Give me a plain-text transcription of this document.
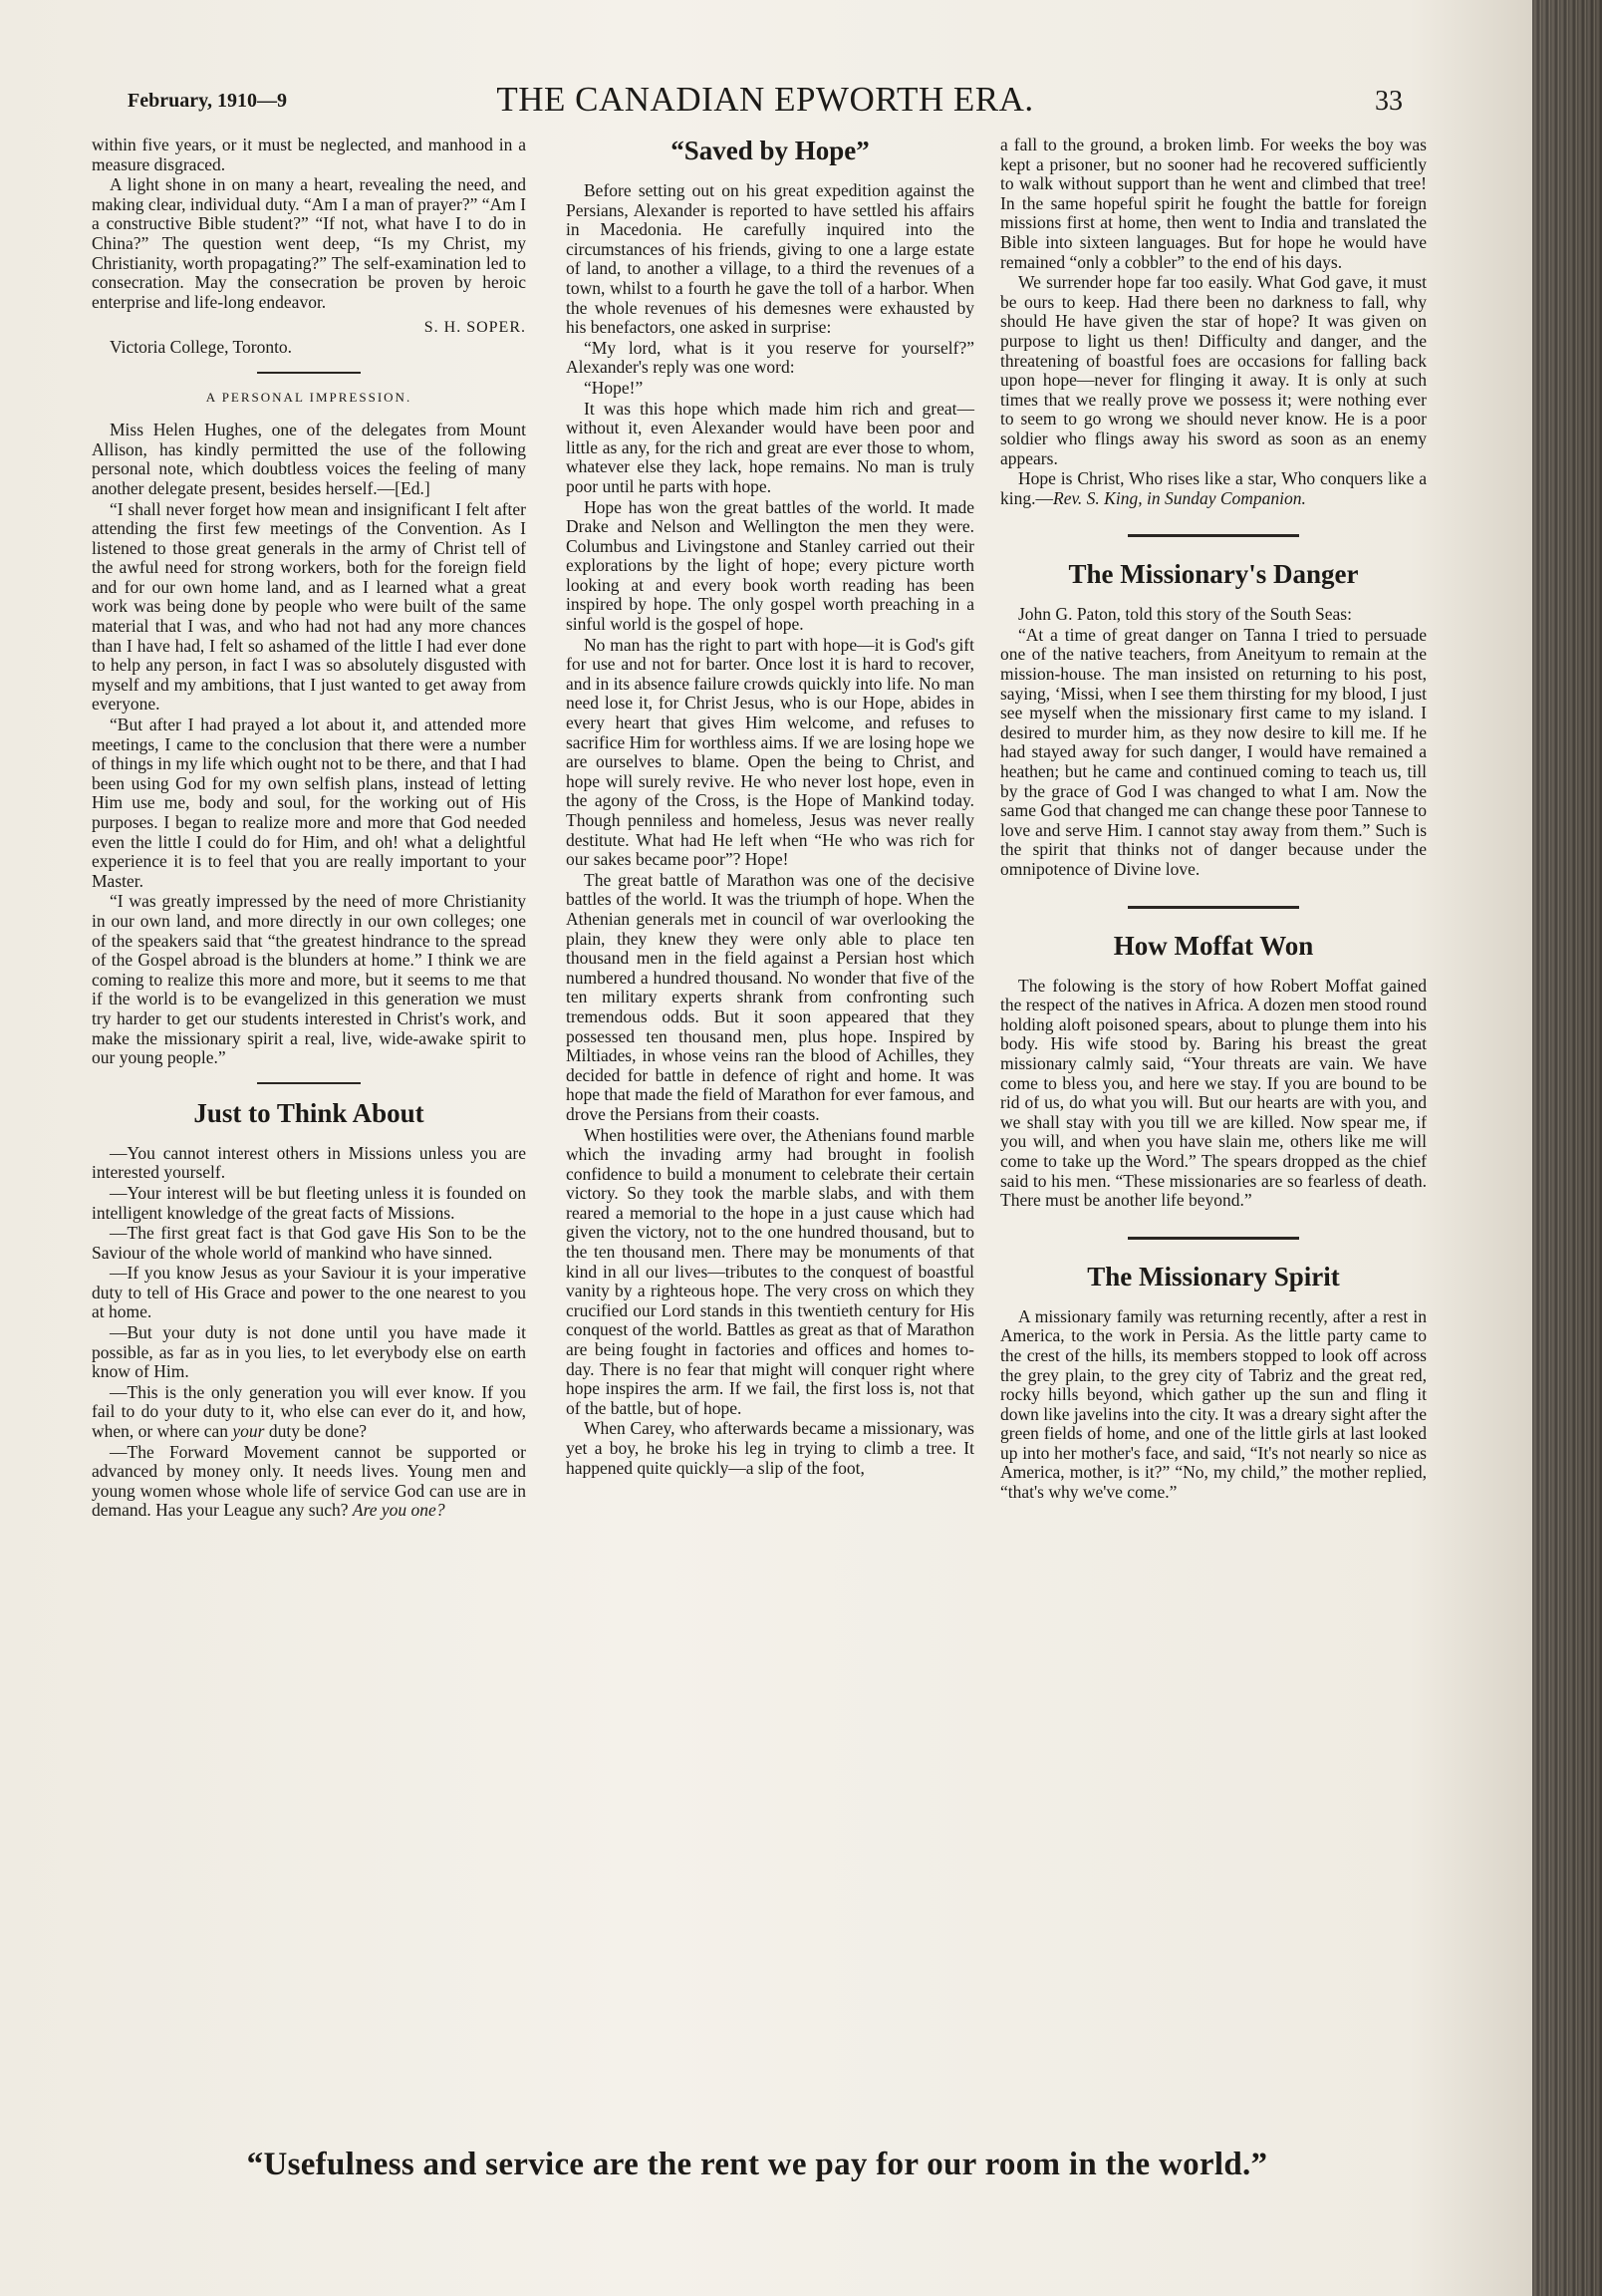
February, 1910—9	THE CANADIAN EPWORTH ERA.	33

within five years, or it must be neglected, and manhood in a measure disgraced.

A light shone in on many a heart, revealing the need, and making clear, individual duty. “Am I a man of prayer?” “Am I a constructive Bible student?” “If not, what have I to do in China?” The question went deep, “Is my Christ, my Christianity, worth propagating?” The self-examination led to consecration. May the consecration be proven by heroic enterprise and life-long endeavor.

S. H. SOPER.

Victoria College, Toronto.

A PERSONAL IMPRESSION.

Miss Helen Hughes, one of the delegates from Mount Allison, has kindly permitted the use of the following personal note, which doubtless voices the feeling of many another delegate present, besides herself.—[Ed.]

“I shall never forget how mean and insignificant I felt after attending the first few meetings of the Convention. As I listened to those great generals in the army of Christ tell of the awful need for strong workers, both for the foreign field and for our own home land, and as I learned what a great work was being done by people who were built of the same material that I was, and who had not had any more chances than I have had, I felt so ashamed of the little I had ever done to help any person, in fact I was so absolutely disgusted with myself and my ambitions, that I just wanted to get away from everyone.

“But after I had prayed a lot about it, and attended more meetings, I came to the conclusion that there were a number of things in my life which ought not to be there, and that I had been using God for my own selfish plans, instead of letting Him use me, body and soul, for the working out of His purposes. I began to realize more and more that God needed even the little I could do for Him, and oh! what a delightful experience it is to feel that you are really important to your Master.

“I was greatly impressed by the need of more Christianity in our own land, and more directly in our own colleges; one of the speakers said that “the greatest hindrance to the spread of the Gospel abroad is the blunders at home.” I think we are coming to realize this more and more, but it seems to me that if the world is to be evangelized in this generation we must try harder to get our students interested in Christ's work, and make the missionary spirit a real, live, wide-awake spirit to our young people.”

Just to Think About

—You cannot interest others in Missions unless you are interested yourself.

—Your interest will be but fleeting unless it is founded on intelligent knowledge of the great facts of Missions.

—The first great fact is that God gave His Son to be the Saviour of the whole world of mankind who have sinned.

—If you know Jesus as your Saviour it is your imperative duty to tell of His Grace and power to the one nearest to you at home.

—But your duty is not done until you have made it possible, as far as in you lies, to let everybody else on earth know of Him.

—This is the only generation you will ever know. If you fail to do your duty to it, who else can ever do it, and how, when, or where can your duty be done?

—The Forward Movement cannot be supported or advanced by money only. It needs lives. Young men and young women whose whole life of service God can use are in demand. Has your League any such? Are you one?

“Saved by Hope”

Before setting out on his great expedition against the Persians, Alexander is reported to have settled his affairs in Macedonia. He carefully inquired into the circumstances of his friends, giving to one a large estate of land, to another a village, to a third the revenues of a town, whilst to a fourth he gave the toll of a harbor. When the whole revenues of his demesnes were exhausted by his benefactors, one asked in surprise:

“My lord, what is it you reserve for yourself?” Alexander's reply was one word:

“Hope!”

It was this hope which made him rich and great—without it, even Alexander would have been poor and little as any, for the rich and great are ever those to whom, whatever else they lack, hope remains. No man is truly poor until he parts with hope.

Hope has won the great battles of the world. It made Drake and Nelson and Wellington the men they were. Columbus and Livingstone and Stanley carried out their explorations by the light of hope; every picture worth looking at and every book worth reading has been inspired by hope. The only gospel worth preaching in a sinful world is the gospel of hope.

No man has the right to part with hope—it is God's gift for use and not for barter. Once lost it is hard to recover, and in its absence failure crowds quickly into life. No man need lose it, for Christ Jesus, who is our Hope, abides in every heart that gives Him welcome, and refuses to sacrifice Him for worthless aims. If we are losing hope we are ourselves to blame. Open the being to Christ, and hope will surely revive. He who never lost hope, even in the agony of the Cross, is the Hope of Mankind today. Though penniless and homeless, Jesus was never really destitute. What had He left when “He who was rich for our sakes became poor”? Hope!

The great battle of Marathon was one of the decisive battles of the world. It was the triumph of hope. When the Athenian generals met in council of war overlooking the plain, they knew they were only able to place ten thousand men in the field against a Persian host which numbered a hundred thousand. No wonder that five of the ten military experts shrank from confronting such tremendous odds. But it soon appeared that they possessed ten thousand men, plus hope. Inspired by Miltiades, in whose veins ran the blood of Achilles, they decided for battle in defence of right and home. It was hope that made the field of Marathon for ever famous, and drove the Persians from their coasts.

When hostilities were over, the Athenians found marble which the invading army had brought in foolish confidence to build a monument to celebrate their certain victory. So they took the marble slabs, and with them reared a memorial to the hope in a just cause which had given the victory, not to the one hundred thousand, but to the ten thousand men. There may be monuments of that kind in all our lives—tributes to the conquest of boastful vanity by a righteous hope. The very cross on which they crucified our Lord stands in this twentieth century for His conquest of the world. Battles as great as that of Marathon are being fought in factories and offices and homes to-day. There is no fear that might will conquer right where hope inspires the arm. If we fail, the first loss is, not that of the battle, but of hope.

When Carey, who afterwards became a missionary, was yet a boy, he broke his leg in trying to climb a tree. It happened quite quickly—a slip of the foot,

a fall to the ground, a broken limb. For weeks the boy was kept a prisoner, but no sooner had he recovered sufficiently to walk without support than he went and climbed that tree! In the same hopeful spirit he fought the battle for foreign missions first at home, then went to India and translated the Bible into sixteen languages. But for hope he would have remained “only a cobbler” to the end of his days.

We surrender hope far too easily. What God gave, it must be ours to keep. Had there been no darkness to fall, why should He have given the star of hope? It was given on purpose to light us then! Difficulty and danger, and the threatening of boastful foes are occasions for falling back upon hope—never for flinging it away. It is only at such times that we really prove we possess it; were nothing ever to seem to go wrong we should never know. He is a poor soldier who flings away his sword as soon as an enemy appears.

Hope is Christ, Who rises like a star, Who conquers like a king.—Rev. S. King, in Sunday Companion.

The Missionary's Danger

John G. Paton, told this story of the South Seas:

“At a time of great danger on Tanna I tried to persuade one of the native teachers, from Aneityum to remain at the mission-house. The man insisted on returning to his post, saying, ‘Missi, when I see them thirsting for my blood, I just see myself when the missionary first came to my island. I desired to murder him, as they now desire to kill me. If he had stayed away for such danger, I would have remained a heathen; but he came and continued coming to teach us, till by the grace of God I was changed to what I am. Now the same God that changed me can change these poor Tannese to love and serve Him. I cannot stay away from them.” Such is the spirit that thinks not of danger because under the omnipotence of Divine love.

How Moffat Won

The folowing is the story of how Robert Moffat gained the respect of the natives in Africa. A dozen men stood round holding aloft poisoned spears, about to plunge them into his body. His wife stood by. Baring his breast the great missionary calmly said, “Your threats are vain. We have come to bless you, and here we stay. If you are bound to be rid of us, do what you will. But our hearts are with you, and we shall stay with you till we are killed. Now spear me, if you will, and when you have slain me, others like me will come to take up the Word.” The spears dropped as the chief said to his men. “These missionaries are so fearless of death. There must be another life beyond.”

The Missionary Spirit

A missionary family was returning recently, after a rest in America, to the work in Persia. As the little party came to the crest of the hills, its members stopped to look off across the grey plain, to the grey city of Tabriz and the great red, rocky hills beyond, which gather up the sun and fling it down like javelins into the city. It was a dreary sight after the green fields of home, and one of the little girls at last looked up into her mother's face, and said, “It's not nearly so nice as America, mother, is it?” “No, my child,” the mother replied, “that's why we've come.”

“Usefulness and service are the rent we pay for our room in the world.”
